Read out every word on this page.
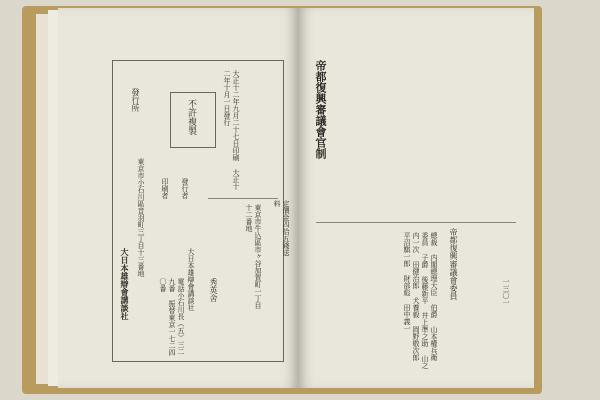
不許複製	大正十二年九月二十七日印刷 大正十二年十月一日發行
發行所
東京市小石川區音羽町三丁目十三番地	定價金四拾五錢送料
發行者
印刷者
東京市牛込區市ヶ谷加賀町一丁目十二番地
秀英舍
大日本雄辯會講談社	大日本雄辯會講談社
電話小石川長（五）三二九番 振替東京一七二四〇番
帝都復興審議會官制
帝都復興審議會委員
總裁 内閣總理大臣 伯爵 山本權兵衛 委員 子爵 後藤新平 井上準之助 山之内一次 田健治郎 犬養毅 岡野敬次郎 平沼騏一郎 財部彪 田中義一	一三〇一
